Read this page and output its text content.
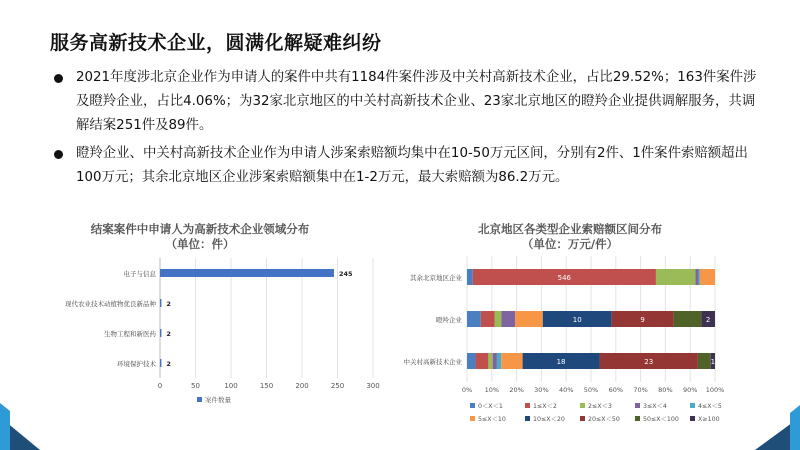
服务高新技术企业，圆满化解疑难纠纷
2021年度涉北京企业作为申请人的案件中共有1184件案件涉及中关村高新技术企业，占比29.52%；163件案件涉及瞪羚企业，占比4.06%；为32家北京地区的中关村高新技术企业、23家北京地区的瞪羚企业提供调解服务，共调解结案251件及89件。
瞪羚企业、中关村高新技术企业作为申请人涉案索赔额均集中在10-50万元区间，分别有2件、1件案件索赔额超出100万元；其余北京地区企业涉案索赔额集中在1-2万元，最大索赔额为86.2万元。
结案案件中申请人为高新技术企业领域分布
（单位：件）
北京地区各类型企业索赔额区间分布
（单位：万元/件）
0	50	100	150	200	250	300
电子与信息	245
现代农业技术动植物优良新品种 2
生物工程和新医药 2
环境保护技术 2
案件数量
0% 10% 20% 30% 40% 50% 60% 70% 80% 90% 100%
其余北京地区企业	546
瞪羚企业	10	9	2
中关村高新技术企业	18	23	1
0＜X＜1	1≤X＜2	2≤X＜3	3≤X＜4	4≤X＜5
5≤X＜10	10≤X＜20	20≤X＜50	50≤X＜100	X≥100
